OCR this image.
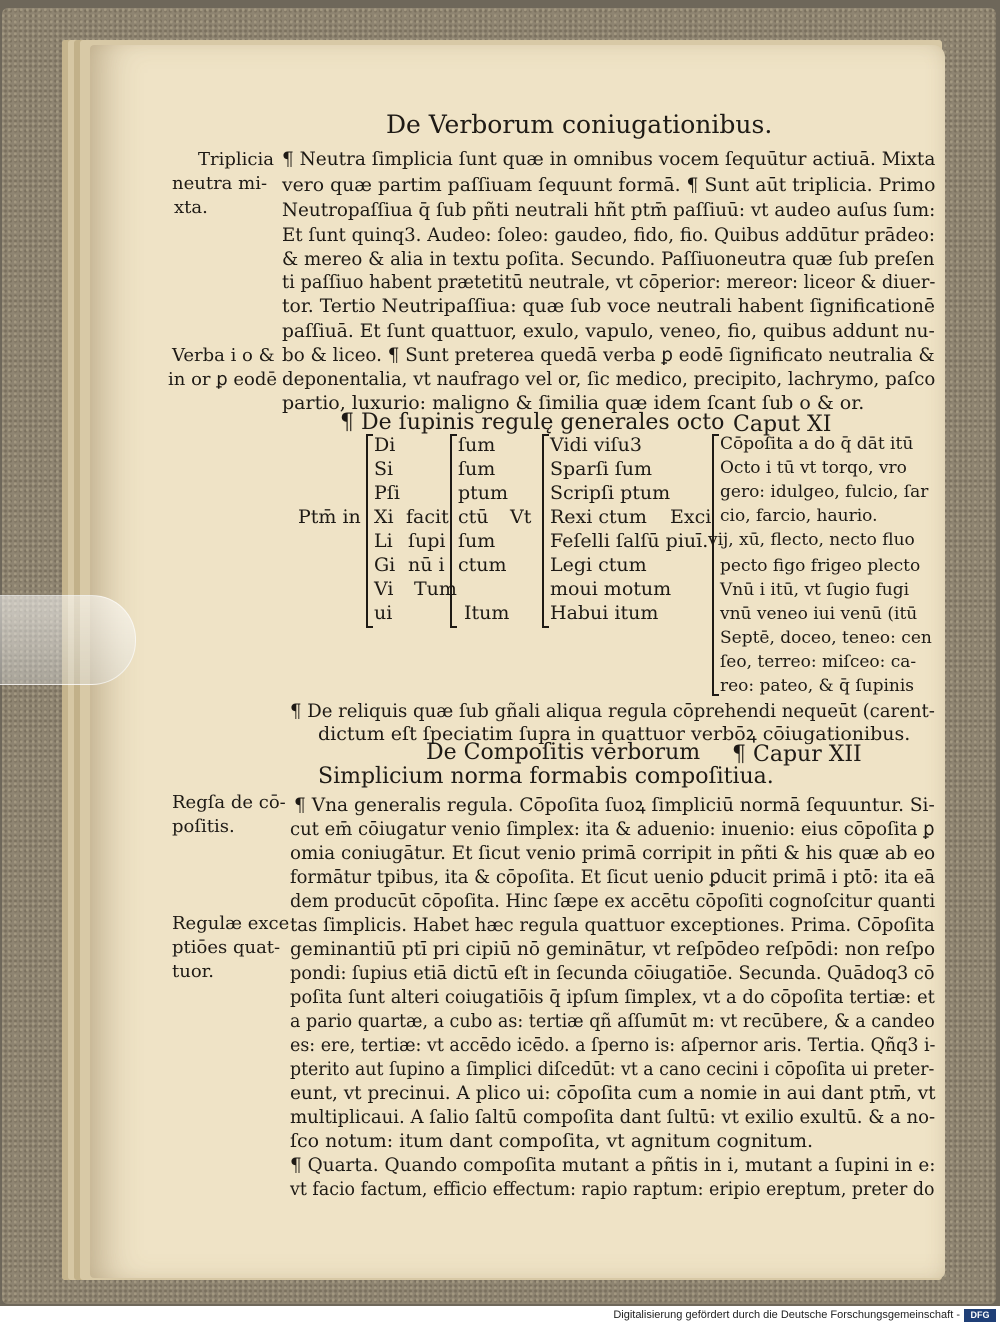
De Verborum coniugationibus.
Triplicia
neutra mi-
xta.
Verba i o &
in or ꝑ eodē
Regſa de cō-
poſitis.
Regulæ exce
ptiōes quat-
tuor.
¶ Neutra ſimplicia ſunt quæ in omnibus vocem ſequūtur actiuā. Mixta
vero quæ partim paſſiuam ſequunt formā. ¶ Sunt aūt triplicia. Primo
Neutropaſſiua q̄ ſub pñti neutrali hñt ptm̄ paſſiuū: vt audeo auſus ſum:
Et ſunt quinq3. Audeo: ſoleo: gaudeo, fido, fio. Quibus addūtur prādeo:
& mereo & alia in textu poſita. Secundo. Paſſiuoneutra quæ ſub preſen
ti paſſiuo habent prætetitū neutrale, vt cōperior: mereor: liceor & diuer-
tor. Tertio Neutripaſſiua: quæ ſub voce neutrali habent ſignificationē
paſſiuā. Et ſunt quattuor, exulo, vapulo, veneo, fio, quibus addunt nu-
bo & liceo. ¶ Sunt preterea quedā verba ꝑ eodē ſignificato neutralia &
deponentalia, vt naufrago vel or, ſic medico, precipito, lachrymo, paſco
partio, luxurio: maligno & ſimilia quæ idem ſcant ſub o & or.
¶ De ſupinis regulę generales octo Caput XI
Di
Si
Pſi
Xi
Li
Gi
Vi
ui
Ptm̄ in facit
ſupi
nū i
ſum
ſum
ptum
ctū
ſum
ctum
Tum
Itum
Vt
Vidi viſu3
Sparſi ſum
Scripſi ptum
Rexi ctum
Feſelli ſalſū piuī.
Legi ctum
moui motum
Habui itum
Exci
Cōpoſita a do q̄ dāt itū
Octo i tū vt torqo, vro
gero: idulgeo, fulcio, ſar
cio, farcio, haurio.
vij, xū, flecto, necto fluo
pecto figo frigeo plecto
Vnū i itū, vt ſugio fugi
vnū veneo iui venū (itū
Septē, doceo, teneo: cen
ſeo, terreo: miſceo: ca-
reo: pateo, & q̄ ſupinis
¶ De reliquis quæ ſub gñali aliqua regula cōprehendi nequeūt (carent-
dictum eſt ſpeciatim ſupra in quattuor verbōꝝ cōiugationibus.
De Compoſitis verborum ¶ Capur XII
Simplicium norma formabis compoſitiua.
¶ Vna generalis regula. Cōpoſita ſuoꝝ ſimpliciū normā ſequuntur. Si-
cut em̄ cōiugatur venio ſimplex: ita & aduenio: inuenio: eius cōpoſita ꝑ
omia coniugātur. Et ſicut venio primā corripit in pñti & his quæ ab eo
formātur tpibus, ita & cōpoſita. Et ſicut uenio ꝑducit primā i ptō: ita eā
dem producūt cōpoſita. Hinc ſæpe ex accētu cōpoſiti cognoſcitur quanti
tas ſimplicis. Habet hæc regula quattuor exceptiones. Prima. Cōpoſita
geminantiū ptī pri cipiū nō geminātur, vt reſpōdeo reſpōdi: non reſpo
pondi: ſupius etiā dictū eſt in ſecunda cōiugatiōe. Secunda. Quādoq3 cō
poſita ſunt alteri coiugatiōis q̄ ipſum ſimplex, vt a do cōpoſita tertiæ: et
a pario quartæ, a cubo as: tertiæ qñ aſſumūt m: vt recūbere, & a candeo
es: ere, tertiæ: vt accēdo icēdo. a ſperno is: aſpernor aris. Tertia. Qñq3 i-
pterito aut ſupino a ſimplici diſcedūt: vt a cano cecini i cōpoſita ui preter-
eunt, vt precinui. A plico ui: cōpoſita cum a nomie in aui dant ptm̄, vt
multiplicaui. A ſalio ſaltū compoſita dant ſultū: vt exilio exultū. & a no-
ſco notum: itum dant compoſita, vt agnitum cognitum.
¶ Quarta. Quando compoſita mutant a pñtis in i, mutant a ſupini in e:
vt facio factum, efficio effectum: rapio raptum: eripio ereptum, preter do
Digitalisierung gefördert durch die Deutsche Forschungsgemeinschaft -	DFG
